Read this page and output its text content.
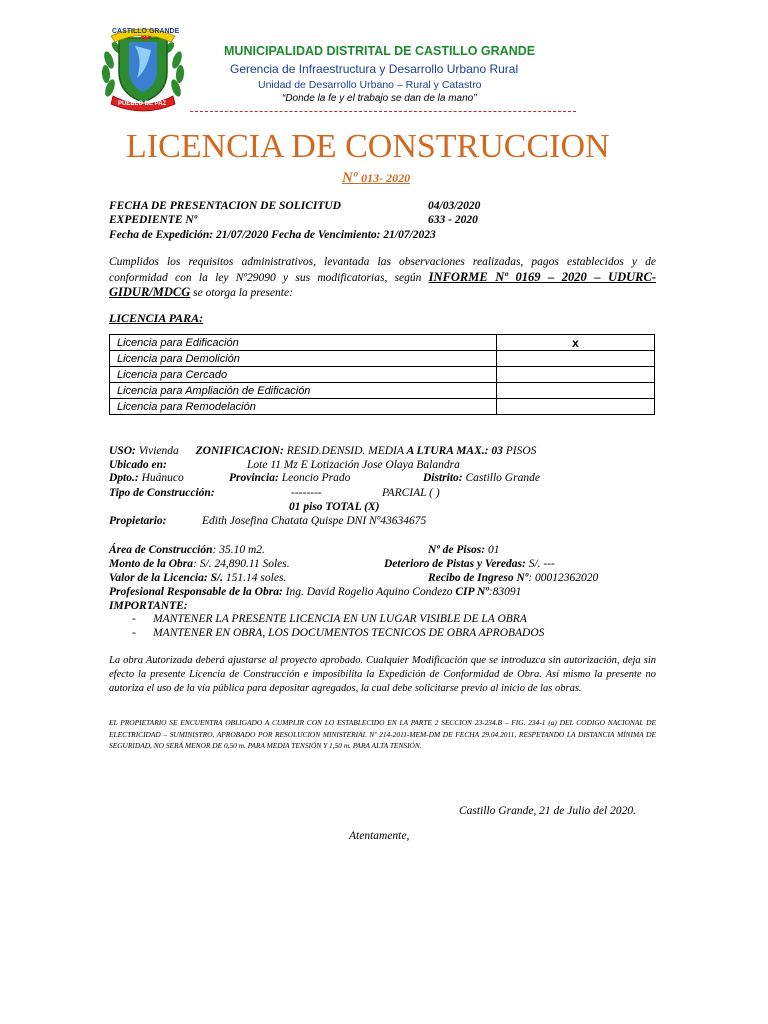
CASTILLO GRANDE
PUEBLO DE PAZ
MUNICIPALIDAD DISTRITAL DE CASTILLO GRANDE
Gerencia de Infraestructura y Desarrollo Urbano Rural
Unidad de Desarrollo Urbano – Rural y Catastro
“Donde la fe y el trabajo se dan de la mano”
LICENCIA DE CONSTRUCCION
Nº 013- 2020
FECHA DE PRESENTACION DE SOLICITUD	04/03/2020
EXPEDIENTE Nº	633 - 2020
Fecha de Expedición: 21/07/2020 Fecha de Vencimiento: 21/07/2023
Cumplidos los requisitos administrativos, levantada las observaciones realizadas, pagos establecidos y de conformidad con la ley Nº29090 y sus modificatorias, según INFORME Nº 0169 – 2020 – UDURC-GIDUR/MDCG se otorga la presente:
LICENCIA PARA:
Licencia para Edificación	x
Licencia para Demolición	
Licencia para Cercado	
Licencia para Ampliación de Edificación	
Licencia para Remodelación	
USO: Vivienda ZONIFICACION: RESID.DENSID. MEDIA A LTURA MAX.: 03 PISOS
Ubicado en:	Lote 11 Mz E Lotización Jose Olaya Balandra
Dpto.: Huánuco	Provincia: Leoncio Prado	Distrito: Castillo Grande
Tipo de Construcción:	--------	PARCIAL ( )
01 piso TOTAL (X)
Propietario:	Edith Josefina Chatata Quispe DNI Nº43634675
Área de Construcción: 35.10 m2.	Nº de Pisos: 01
Monto de la Obra: S/. 24,890.11 Soles.	Deterioro de Pistas y Veredas: S/. ---
Valor de la Licencia: S/. 151.14 soles.	Recibo de Ingreso Nº: 00012362020
Profesional Responsable de la Obra: Ing. David Rogelio Aquino Condezo CIP Nº:83091
IMPORTANTE:
-      MANTENER LA PRESENTE LICENCIA EN UN LUGAR VISIBLE DE LA OBRA
-      MANTENER EN OBRA, LOS DOCUMENTOS TECNICOS DE OBRA APROBADOS
La obra Autorizada deberá ajustarse al proyecto aprobado. Cualquier Modificación que se introduzca sin autorización, deja sin efecto la presente Licencia de Construcción e imposibilita la Expedición de Conformidad de Obra. Así mismo la presente no autoriza el uso de la vía pública para depositar agregados, la cual debe solicitarse previo al inicio de las obras.
EL PROPIETARIO SE ENCUENTRA OBLIGADO A CUMPLIR CON LO ESTABLECIDO EN LA PARTE 2 SECCION 23-234.B – FIG. 234-1 (a) DEL CODIGO NACIONAL DE ELECTRICIDAD – SUMINISTRO, APROBADO POR RESOLUCION MINISTERIAL Nº 214-2011-MEM-DM DE FECHA 29.04.2011, RESPETANDO LA DISTANCIA MÍNIMA DE SEGURIDAD, NO SERÁ MENOR DE 0,50 m. PARA MEDIA TENSIÓN Y 1,50 m. PARA ALTA TENSIÓN.
Castillo Grande, 21 de Julio del 2020.
Atentamente,
